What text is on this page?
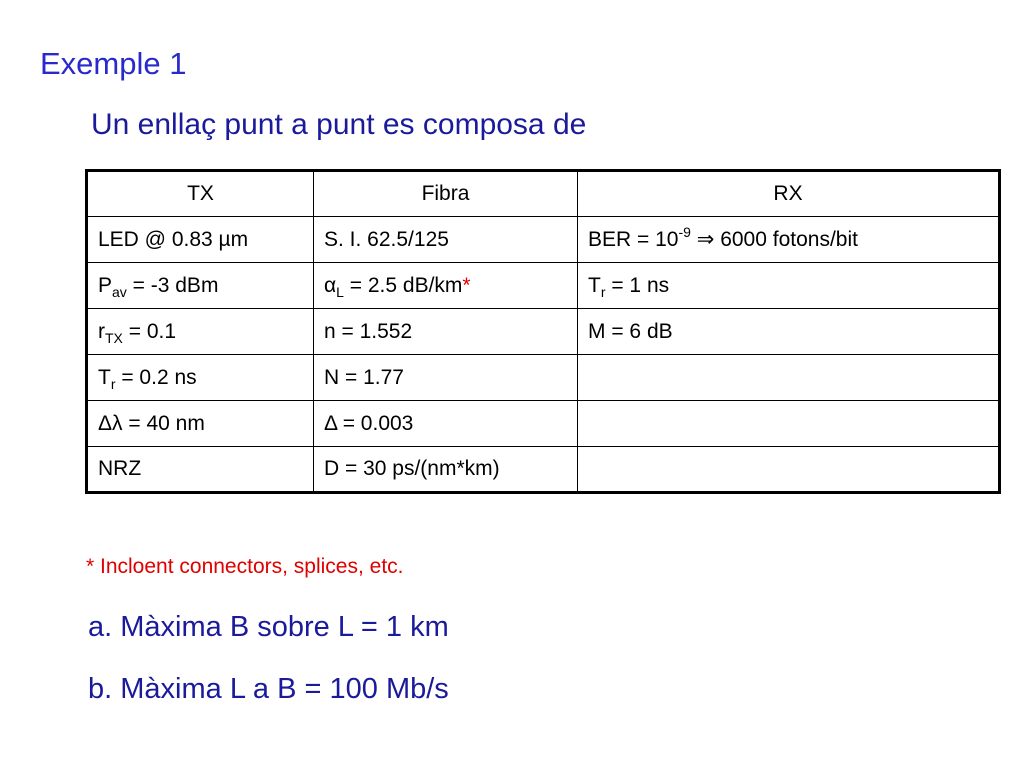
Exemple 1
Un enllaç punt a punt es composa de
TX	Fibra	RX
LED @ 0.83 µm	S. I. 62.5/125	BER = $10^{-9}$ ⇒ 6000 fotons/bit
$P_{av} = -3$ dBm	$\alpha_L = 2.5$ dB/km*	$T_r = 1$ ns
$r_{TX} = 0.1$	n = 1.552	M = 6 dB
$T_r = 0.2$ ns	N = 1.77	
Δλ = 40 nm	Δ = 0.003	
NRZ	D = 30 ps/(nm*km)	
* Incloent connectors, splices, etc.
a. Màxima B sobre L = 1 km
b. Màxima L a B = 100 Mb/s
